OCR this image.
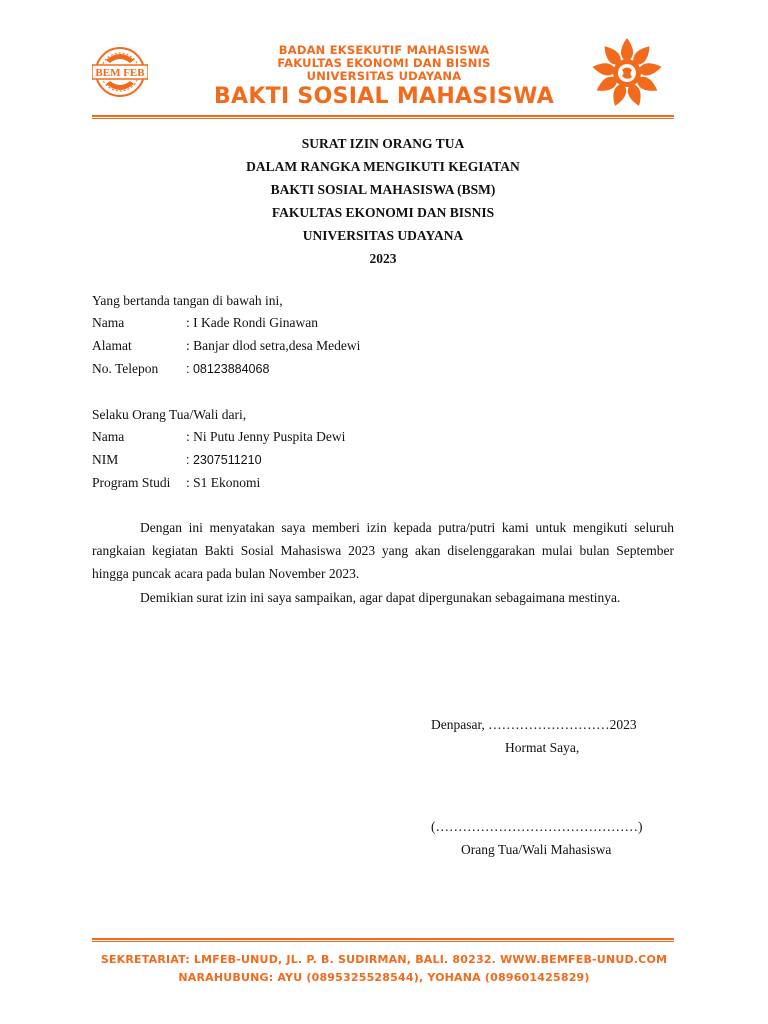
BEM FEB
BADAN EKSEKUTIF MAHASISWA
FAKULTAS EKONOMI DAN BISNIS
UNIVERSITAS UDAYANA
BAKTI SOSIAL MAHASISWA
SURAT IZIN ORANG TUA
DALAM RANGKA MENGIKUTI KEGIATAN
BAKTI SOSIAL MAHASISWA (BSM)
FAKULTAS EKONOMI DAN BISNIS
UNIVERSITAS UDAYANA
2023
Yang bertanda tangan di bawah ini,
Nama	: I Kade Rondi Ginawan
Alamat	: Banjar dlod setra,desa Medewi
No. Telepon : 08123884068
Selaku Orang Tua/Wali dari,
Nama	: Ni Putu Jenny Puspita Dewi
NIM	: 2307511210
Program Studi : S1 Ekonomi
Dengan ini menyatakan saya memberi izin kepada putra/putri kami untuk mengikuti seluruh rangkaian kegiatan Bakti Sosial Mahasiswa 2023 yang akan diselenggarakan mulai bulan September hingga puncak acara pada bulan November 2023.
Demikian surat izin ini saya sampaikan, agar dapat dipergunakan sebagaimana mestinya.
Denpasar, ………………………2023
Hormat Saya,
(………………………………………)
Orang Tua/Wali Mahasiswa
SEKRETARIAT: LMFEB-UNUD, JL. P. B. SUDIRMAN, BALI. 80232. WWW.BEMFEB-UNUD.COM
NARAHUBUNG: AYU (0895325528544), YOHANA (089601425829)
